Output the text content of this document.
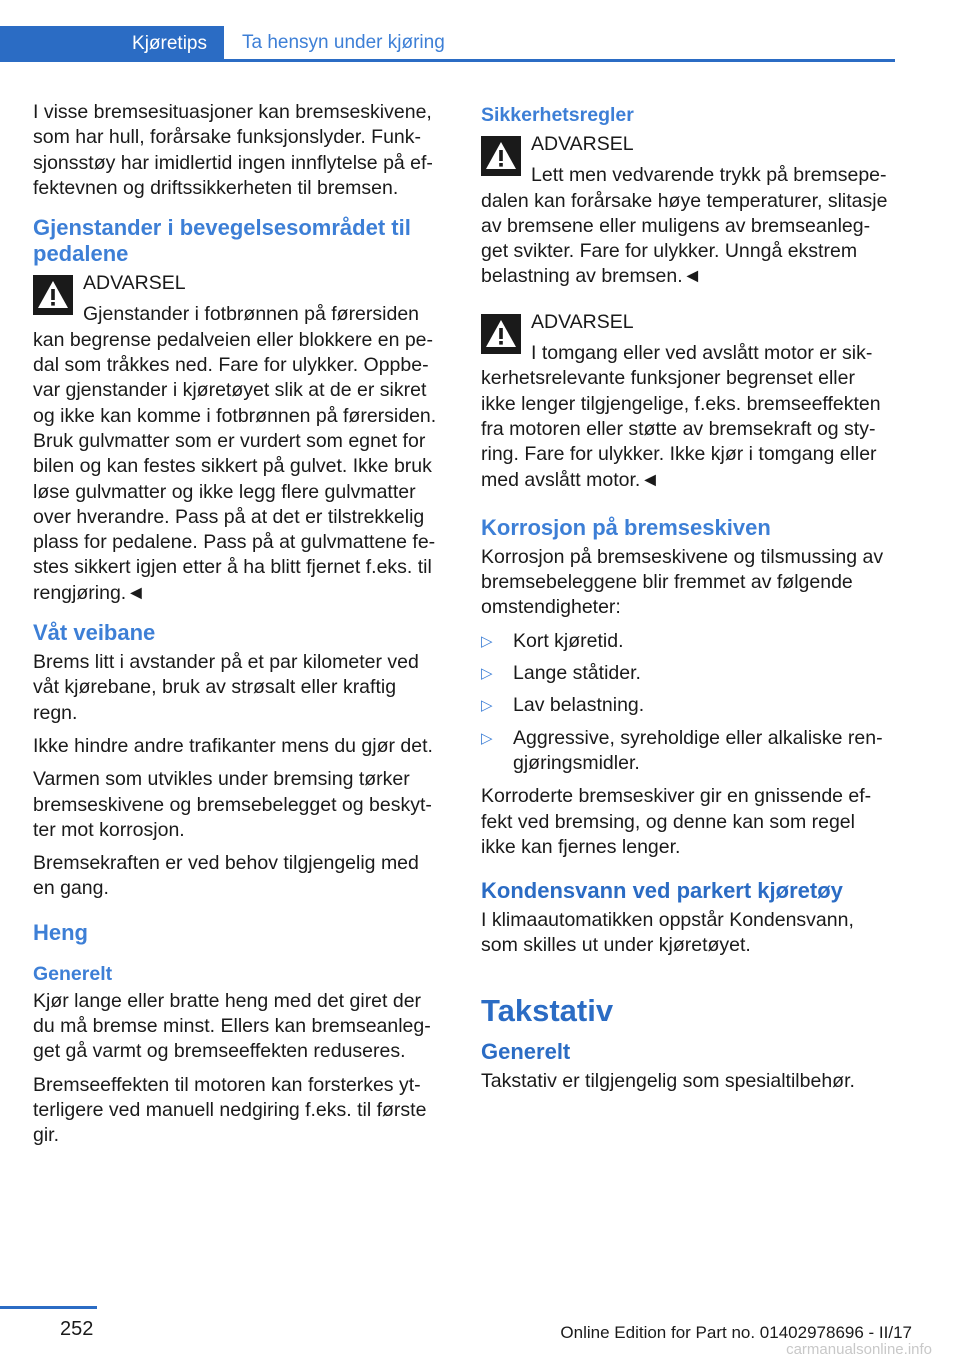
Kjøretips	Ta hensyn under kjøring

I visse bremsesituasjoner kan bremseskivene, som har hull, forårsake funksjonslyder. Funk-sjonsstøy har imidlertid ingen innflytelse på ef-fektevnen og driftssikkerheten til bremsen.

Gjenstander i bevegelsesområdet til pedalene
ADVARSEL
Gjenstander i fotbrønnen på førersiden kan begrense pedalveien eller blokkere en pe-dal som tråkkes ned. Fare for ulykker. Oppbe-var gjenstander i kjøretøyet slik at de er sikret og ikke kan komme i fotbrønnen på førersiden. Bruk gulvmatter som er vurdert som egnet for bilen og kan festes sikkert på gulvet. Ikke bruk løse gulvmatter og ikke legg flere gulvmatter over hverandre. Pass på at det er tilstrekkelig plass for pedalene. Pass på at gulvmattene fe-stes sikkert igjen etter å ha blitt fjernet f.eks. til rengjøring.◄
Våt veibane

Brems litt i avstander på et par kilometer ved våt kjørebane, bruk av strøsalt eller kraftig regn.

Ikke hindre andre trafikanter mens du gjør det.

Varmen som utvikles under bremsing tørker bremseskivene og bremsebelegget og beskyt-ter mot korrosjon.

Bremsekraften er ved behov tilgjengelig med en gang.

Heng
Generelt

Kjør lange eller bratte heng med det giret der du må bremse minst. Ellers kan bremseanleg-get gå varmt og bremseeffekten reduseres.

Bremseeffekten til motoren kan forsterkes yt-terligere ved manuell nedgiring f.eks. til første gir.

Sikkerhetsregler
ADVARSEL
Lett men vedvarende trykk på bremsepe-dalen kan forårsake høye temperaturer, slitasje av bremsene eller muligens av bremseanleg-get svikter. Fare for ulykker. Unngå ekstrem belastning av bremsen.◄
ADVARSEL
I tomgang eller ved avslått motor er sik-kerhetsrelevante funksjoner begrenset eller ikke lenger tilgjengelige, f.eks. bremseeffekten fra motoren eller støtte av bremsekraft og sty-ring. Fare for ulykker. Ikke kjør i tomgang eller med avslått motor.◄
Korrosjon på bremseskiven

Korrosjon på bremseskivene og tilsmussing av bremsebeleggene blir fremmet av følgende omstendigheter:

▷ Kort kjøretid.
▷ Lange ståtider.
▷ Lav belastning.
▷ Aggressive, syreholdige eller alkaliske ren-gjøringsmidler.

Korroderte bremseskiver gir en gnissende ef-fekt ved bremsing, og denne kan som regel ikke kan fjernes lenger.

Kondensvann ved parkert kjøretøy

I klimaautomatikken oppstår Kondensvann, som skilles ut under kjøretøyet.

Takstativ
Generelt

Takstativ er tilgjengelig som spesialtilbehør.

252	Online Edition for Part no. 01402978696 - II/17
carmanualsonline.info
